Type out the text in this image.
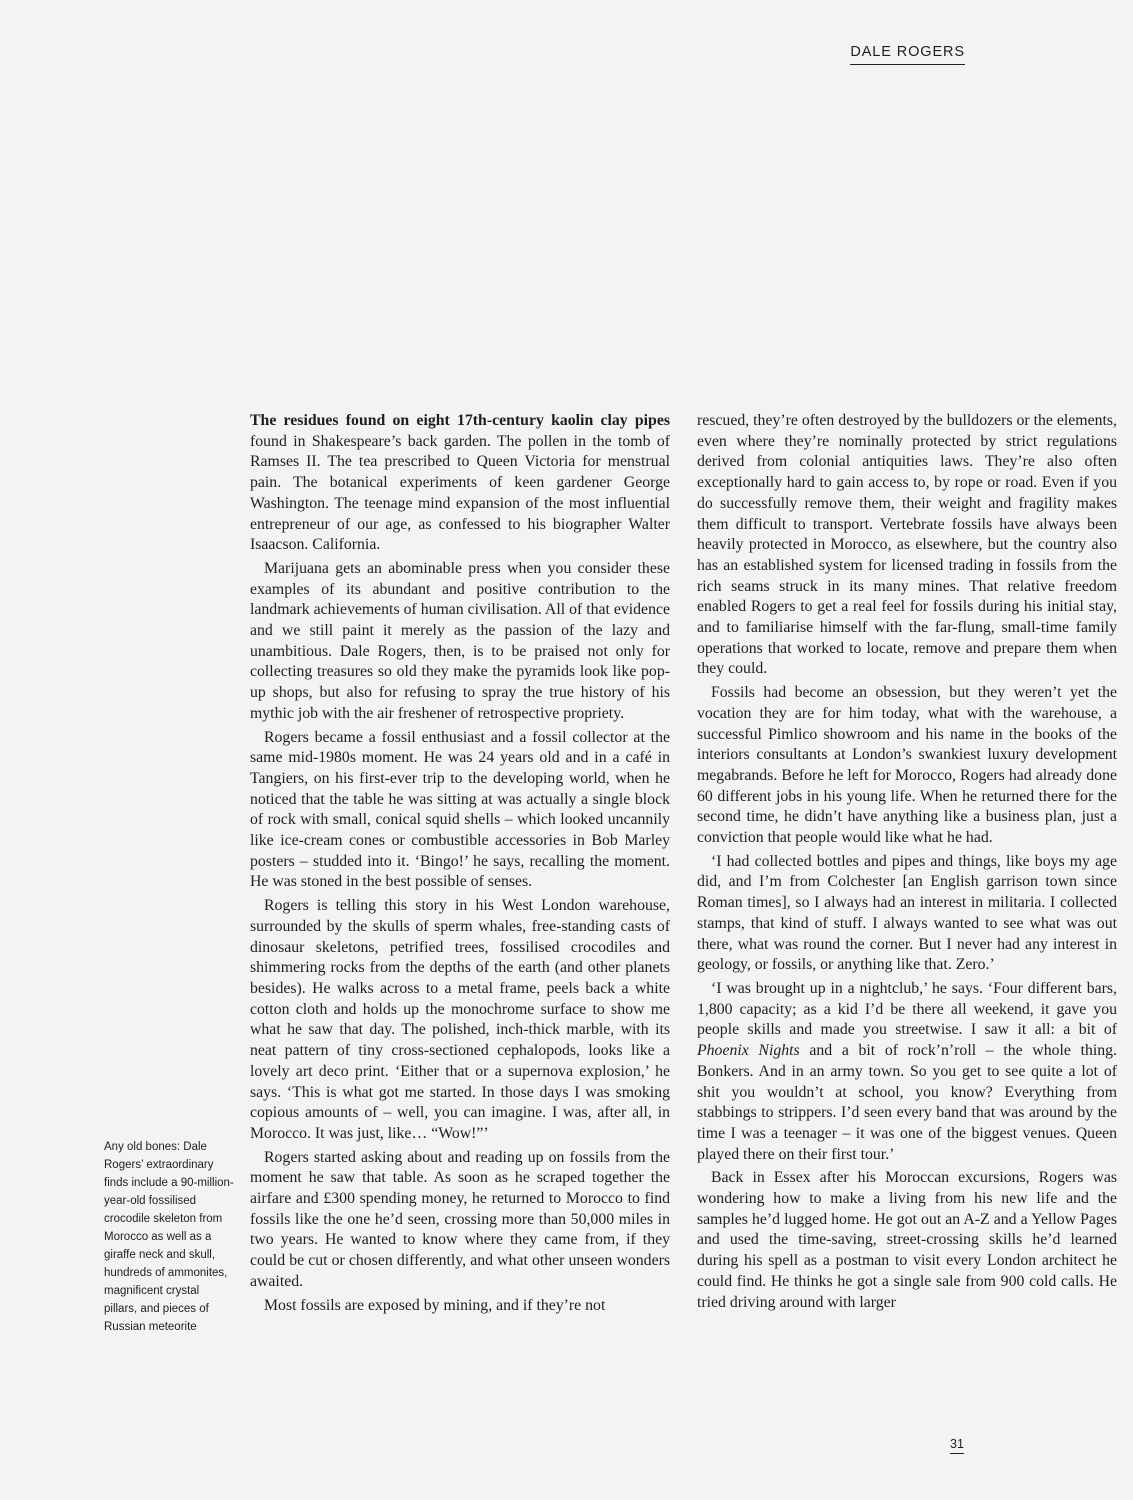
DALE ROGERS

The residues found on eight 17th-century kaolin clay pipes found in Shakespeare’s back garden. The pollen in the tomb of Ramses II. The tea prescribed to Queen Victoria for menstrual pain. The botanical experiments of keen gardener George Washington. The teenage mind expansion of the most influential entrepreneur of our age, as confessed to his biographer Walter Isaacson. California.

Marijuana gets an abominable press when you consider these examples of its abundant and positive contribution to the landmark achievements of human civilisation. All of that evidence and we still paint it merely as the passion of the lazy and unambitious. Dale Rogers, then, is to be praised not only for collecting treasures so old they make the pyramids look like pop-up shops, but also for refusing to spray the true history of his mythic job with the air freshener of retrospective propriety.

Rogers became a fossil enthusiast and a fossil collector at the same mid-1980s moment. He was 24 years old and in a café in Tangiers, on his first-ever trip to the developing world, when he noticed that the table he was sitting at was actually a single block of rock with small, conical squid shells – which looked uncannily like ice-cream cones or combustible accessories in Bob Marley posters – studded into it. ‘Bingo!’ he says, recalling the moment. He was stoned in the best possible of senses.

Rogers is telling this story in his West London warehouse, surrounded by the skulls of sperm whales, free-standing casts of dinosaur skeletons, petrified trees, fossilised crocodiles and shimmering rocks from the depths of the earth (and other planets besides). He walks across to a metal frame, peels back a white cotton cloth and holds up the monochrome surface to show me what he saw that day. The polished, inch-thick marble, with its neat pattern of tiny cross-sectioned cephalopods, looks like a lovely art deco print. ‘Either that or a supernova explosion,’ he says. ‘This is what got me started. In those days I was smoking copious amounts of – well, you can imagine. I was, after all, in Morocco. It was just, like… “Wow!”’

Rogers started asking about and reading up on fossils from the moment he saw that table. As soon as he scraped together the airfare and £300 spending money, he returned to Morocco to find fossils like the one he’d seen, crossing more than 50,000 miles in two years. He wanted to know where they came from, if they could be cut or chosen differently, and what other unseen wonders awaited.

Most fossils are exposed by mining, and if they’re not

rescued, they’re often destroyed by the bulldozers or the elements, even where they’re nominally protected by strict regulations derived from colonial antiquities laws. They’re also often exceptionally hard to gain access to, by rope or road. Even if you do successfully remove them, their weight and fragility makes them difficult to transport. Vertebrate fossils have always been heavily protected in Morocco, as elsewhere, but the country also has an established system for licensed trading in fossils from the rich seams struck in its many mines. That relative freedom enabled Rogers to get a real feel for fossils during his initial stay, and to familiarise himself with the far-flung, small-time family operations that worked to locate, remove and prepare them when they could.

Fossils had become an obsession, but they weren’t yet the vocation they are for him today, what with the warehouse, a successful Pimlico showroom and his name in the books of the interiors consultants at London’s swankiest luxury development megabrands. Before he left for Morocco, Rogers had already done 60 different jobs in his young life. When he returned there for the second time, he didn’t have anything like a business plan, just a conviction that people would like what he had.

‘I had collected bottles and pipes and things, like boys my age did, and I’m from Colchester [an English garrison town since Roman times], so I always had an interest in militaria. I collected stamps, that kind of stuff. I always wanted to see what was out there, what was round the corner. But I never had any interest in geology, or fossils, or anything like that. Zero.’

‘I was brought up in a nightclub,’ he says. ‘Four different bars, 1,800 capacity; as a kid I’d be there all weekend, it gave you people skills and made you streetwise. I saw it all: a bit of Phoenix Nights and a bit of rock’n’roll – the whole thing. Bonkers. And in an army town. So you get to see quite a lot of shit you wouldn’t at school, you know? Everything from stabbings to strippers. I’d seen every band that was around by the time I was a teenager – it was one of the biggest venues. Queen played there on their first tour.’

Back in Essex after his Moroccan excursions, Rogers was wondering how to make a living from his new life and the samples he’d lugged home. He got out an A-Z and a Yellow Pages and used the time-saving, street-crossing skills he’d learned during his spell as a postman to visit every London architect he could find. He thinks he got a single sale from 900 cold calls. He tried driving around with larger

Any old bones: Dale Rogers’ extraordinary finds include a 90-million-year-old fossilised crocodile skeleton from Morocco as well as a giraffe neck and skull, hundreds of ammonites, magnificent crystal pillars, and pieces of Russian meteorite
31
